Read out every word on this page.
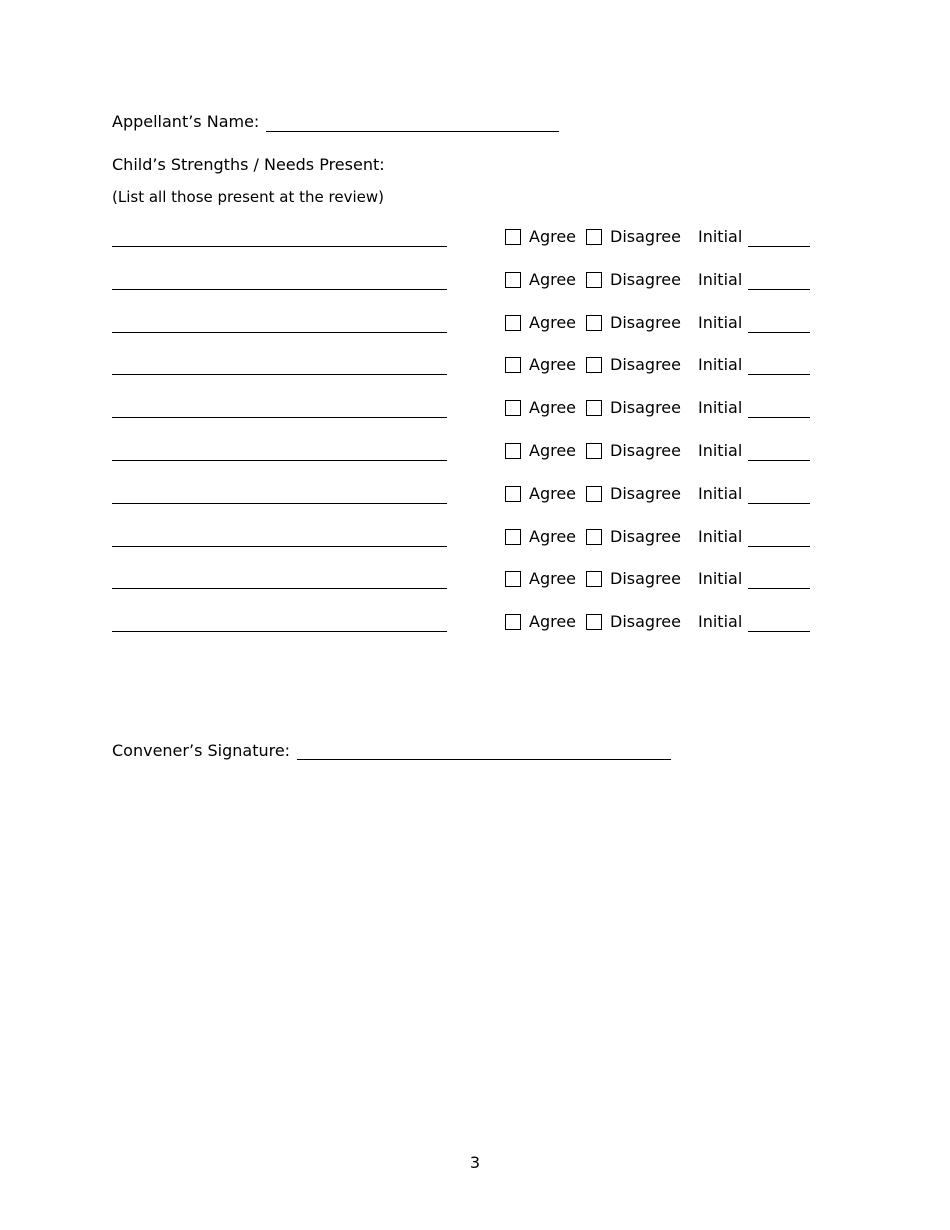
Appellant’s Name:
Child’s Strengths / Needs Present:
(List all those present at the review)
Agree Disagree Initial
Agree Disagree Initial
Agree Disagree Initial
Agree Disagree Initial
Agree Disagree Initial
Agree Disagree Initial
Agree Disagree Initial
Agree Disagree Initial
Agree Disagree Initial
Agree Disagree Initial
Convener’s Signature:
3
